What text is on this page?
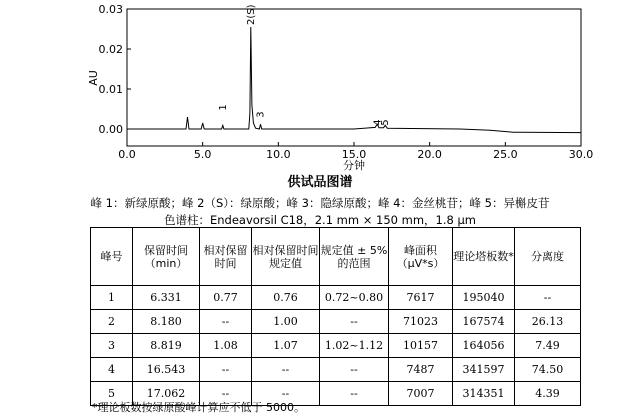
0.0	5.0	10.0	15.0	20.0	25.0	30.0
0.00
0.01
0.02
0.03
1
2(S)
3
4
5
分钟
AU
供试品图谱
峰 1：新绿原酸；峰 2（S）：绿原酸；峰 3：隐绿原酸；峰 4：金丝桃苷；峰 5：异槲皮苷
色谱柱：Endeavorsil C18，2.1 mm × 150 mm，1.8 μm
峰号	保留时间（min）	相对保留时间	相对保留时间规定值	规定值 ± 5%的范围	峰面积（μV*s）	理论塔板数*	分离度
1	6.331	0.77	0.76	0.72~0.80	7617	195040	--
2	8.180	--	1.00	--	71023	167574	26.13
3	8.819	1.08	1.07	1.02~1.12	10157	164056	7.49
4	16.543	--	--	--	7487	341597	74.50
5	17.062	--	--	--	7007	314351	4.39
*理论板数按绿原酸峰计算应不低于 5000。
